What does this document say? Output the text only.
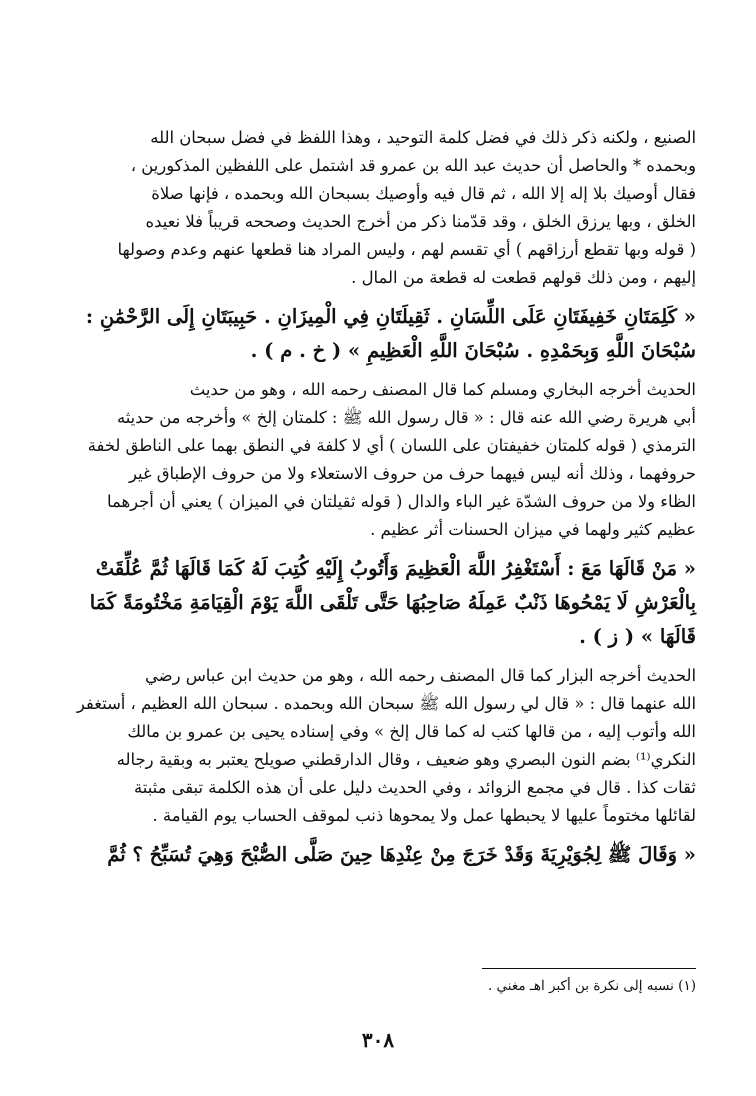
الصنيع ، ولكنه ذكر ذلك في فضل كلمة التوحيد ، وهذا اللفظ في فضل سبحان الله

وبحمده * والحاصل أن حديث عبد الله بن عمرو قد اشتمل على اللفظين المذكورين ،

فقال أوصيك بلا إله إلا الله ، ثم قال فيه وأوصيك بسبحان الله وبحمده ، فإنها صلاة

الخلق ، وبها يرزق الخلق ، وقد قدّمنا ذكر من أخرج الحديث وصححه قريباً فلا نعيده

( قوله وبها تقطع أرزاقهم ) أي تقسم لهم ، وليس المراد هنا قطعها عنهم وعدم وصولها

إليهم ، ومن ذلك قولهم قطعت له قطعة من المال .

« كَلِمَتَانِ خَفِيفَتَانِ عَلَى اللِّسَانِ . ثَقِيلَتَانِ فِي الْمِيزَانِ . حَبِيبَتَانِ إِلَى الرَّحْمَٰنِ :

سُبْحَانَ اللَّهِ وَبِحَمْدِهِ . سُبْحَانَ اللَّهِ الْعَظِيمِ » ( خ . م ) .

الحديث أخرجه البخاري ومسلم كما قال المصنف رحمه الله ، وهو من حديث

أبي هريرة رضي الله عنه قال : « قال رسول الله ﷺ : كلمتان إلخ » وأخرجه من حديثه

الترمذي ( قوله كلمتان خفيفتان على اللسان ) أي لا كلفة في النطق بهما على الناطق لخفة

حروفهما ، وذلك أنه ليس فيهما حرف من حروف الاستعلاء ولا من حروف الإطباق غير

الظاء ولا من حروف الشدّة غير الباء والدال ( قوله ثقيلتان في الميزان ) يعني أن أجرهما

عظيم كثير ولهما في ميزان الحسنات أثر عظيم .

« مَنْ قَالَهَا مَعَ : أَسْتَغْفِرُ اللَّهَ الْعَظِيمَ وَأَتُوبُ إِلَيْهِ كُتِبَ لَهُ كَمَا قَالَهَا ثُمَّ عُلِّقَتْ

بِالْعَرْشِ لَا يَمْحُوهَا ذَنْبٌ عَمِلَهُ صَاحِبُهَا حَتَّى تَلْقَى اللَّهَ يَوْمَ الْقِيَامَةِ مَخْتُومَةً كَمَا

قَالَهَا » ( ز ) .

الحديث أخرجه البزار كما قال المصنف رحمه الله ، وهو من حديث ابن عباس رضي

الله عنهما قال : « قال لي رسول الله ﷺ سبحان الله وبحمده . سبحان الله العظيم ، أستغفر

الله وأتوب إليه ، من قالها كتب له كما قال إلخ » وفي إسناده يحيى بن عمرو بن مالك

النكري⁽¹⁾ بضم النون البصري وهو ضعيف ، وقال الدارقطني صويلح يعتبر به وبقية رجاله

ثقات كذا . قال في مجمع الزوائد ، وفي الحديث دليل على أن هذه الكلمة تبقى مثبتة

لقائلها مختوماً عليها لا يحبطها عمل ولا يمحوها ذنب لموقف الحساب يوم القيامة .

« وَقَالَ ﷺ لِجُوَيْرِيَةَ وَقَدْ خَرَجَ مِنْ عِنْدِهَا حِينَ صَلَّى الصُّبْحَ وَهِيَ تُسَبِّحُ ؟ ثُمَّ

(١) نسبه إلى نكرة بن أكبر اهـ مغني .

٣٠٨
